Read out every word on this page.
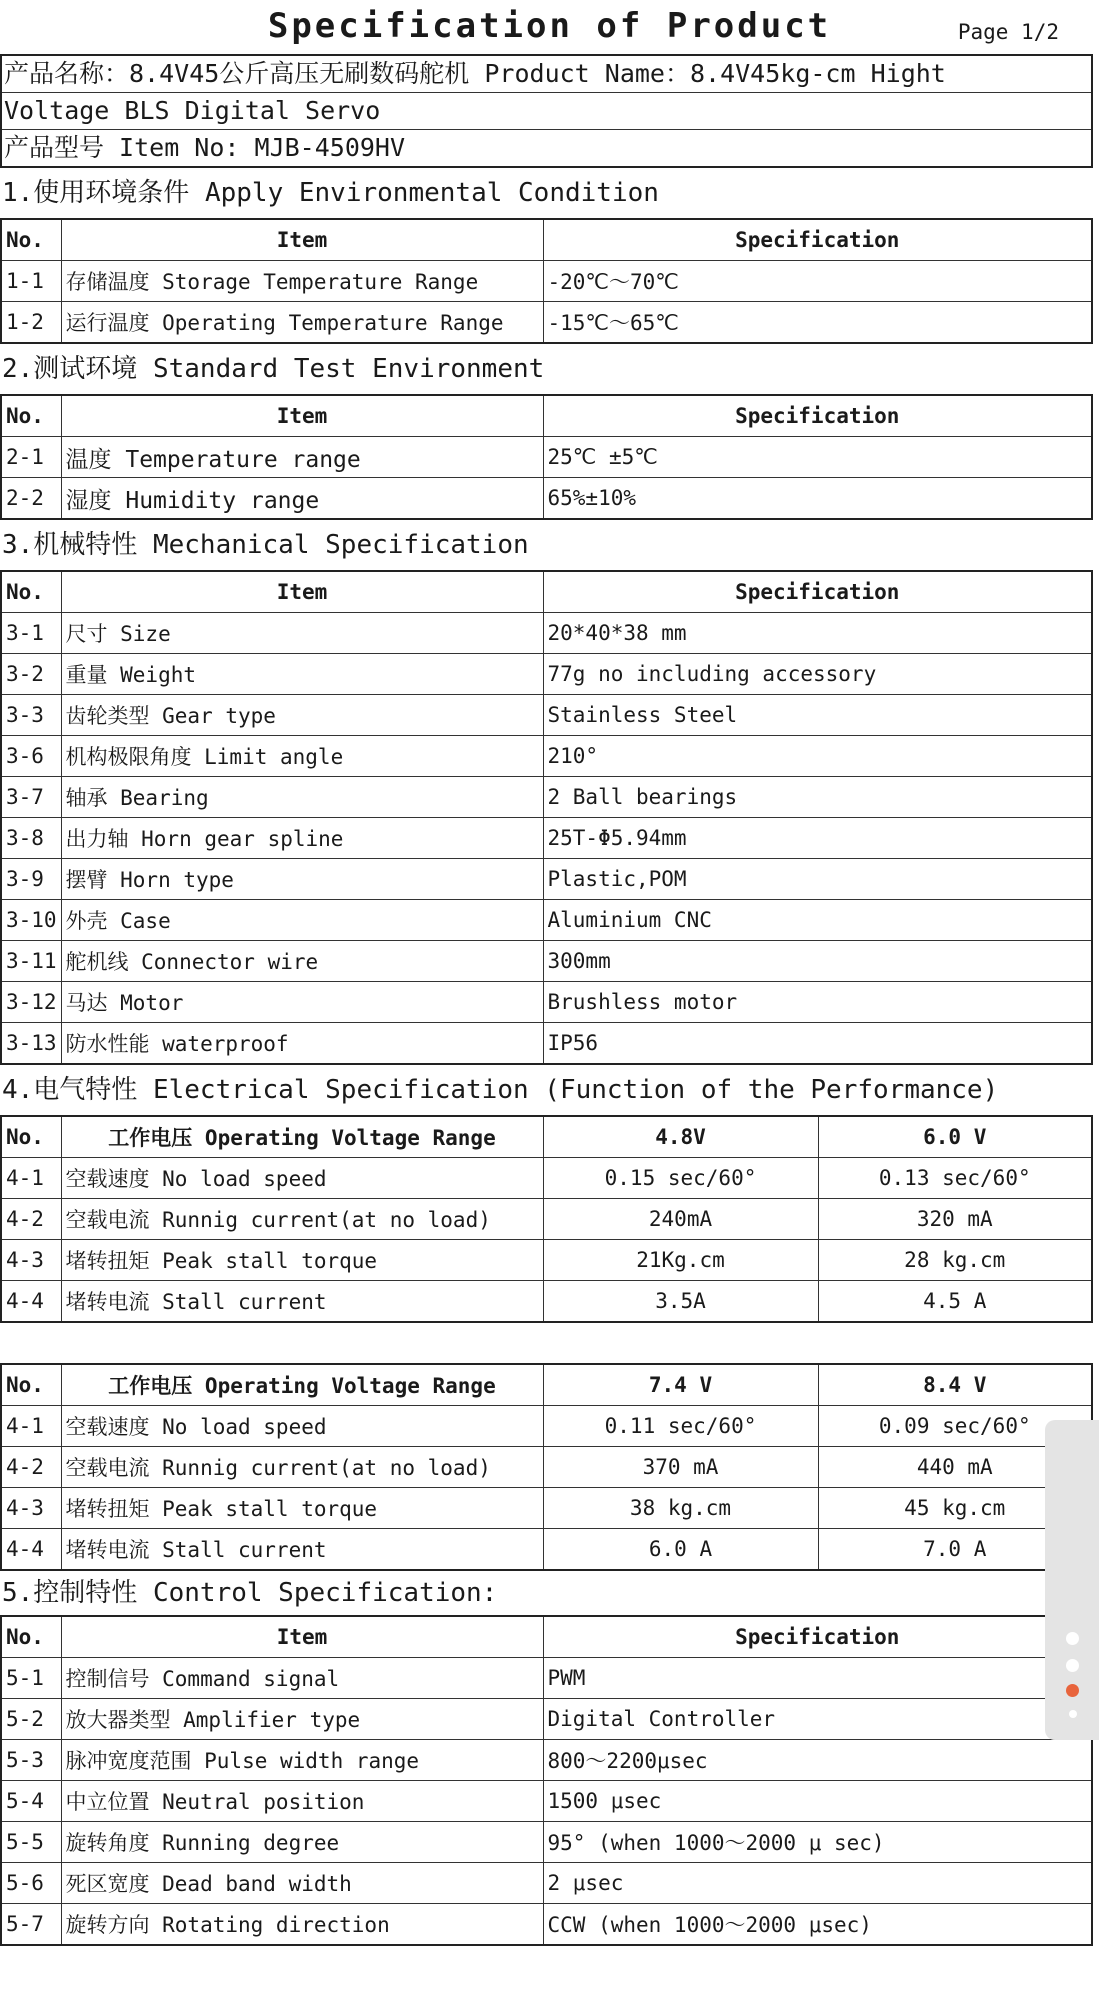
Specification of Product	Page 1/2
产品名称：8.4V45公斤高压无刷数码舵机 Product Name：8.4V45kg-cm Hight
Voltage BLS Digital Servo
产品型号 Item No: MJB-4509HV
1.使用环境条件 Apply Environmental Condition
No.	Item	Specification
1-1	存储温度 Storage Temperature Range	-20℃～70℃
1-2	运行温度 Operating Temperature Range	-15℃～65℃
2.测试环境 Standard Test Environment
No.	Item	Specification
2-1	温度 Temperature range	25℃ ±5℃
2-2	湿度 Humidity range	65%±10%
3.机械特性 Mechanical Specification
No.	Item	Specification
3-1	尺寸 Size	20*40*38 mm
3-2	重量 Weight	77g no including accessory
3-3	齿轮类型 Gear type	Stainless Steel
3-6	机构极限角度 Limit angle	210°
3-7	轴承 Bearing	2 Ball bearings
3-8	出力轴 Horn gear spline	25T-Φ5.94mm
3-9	摆臂 Horn type	Plastic,POM
3-10	外壳 Case	Aluminium CNC
3-11	舵机线 Connector wire	300mm
3-12	马达 Motor	Brushless motor
3-13	防水性能 waterproof	IP56
4.电气特性 Electrical Specification (Function of the Performance)
No.	工作电压 Operating Voltage Range	4.8V	6.0 V
4-1	空载速度 No load speed	0.15 sec/60°	0.13 sec/60°
4-2	空载电流 Runnig current(at no load)	240mA	320 mA
4-3	堵转扭矩 Peak stall torque	21Kg.cm	28 kg.cm
4-4	堵转电流 Stall current	3.5A	4.5 A
No.	工作电压 Operating Voltage Range	7.4 V	8.4 V
4-1	空载速度 No load speed	0.11 sec/60°	0.09 sec/60°
4-2	空载电流 Runnig current(at no load)	370 mA	440 mA
4-3	堵转扭矩 Peak stall torque	38 kg.cm	45 kg.cm
4-4	堵转电流 Stall current	6.0 A	7.0 A
5.控制特性 Control Specification:
No.	Item	Specification
5-1	控制信号 Command signal	PWM
5-2	放大器类型 Amplifier type	Digital Controller
5-3	脉冲宽度范围 Pulse width range	800～2200μsec
5-4	中立位置 Neutral position	1500 μsec
5-5	旋转角度 Running degree	95° (when 1000～2000 μ sec)
5-6	死区宽度 Dead band width	2 μsec
5-7	旋转方向 Rotating direction	CCW (when 1000～2000 μsec)
